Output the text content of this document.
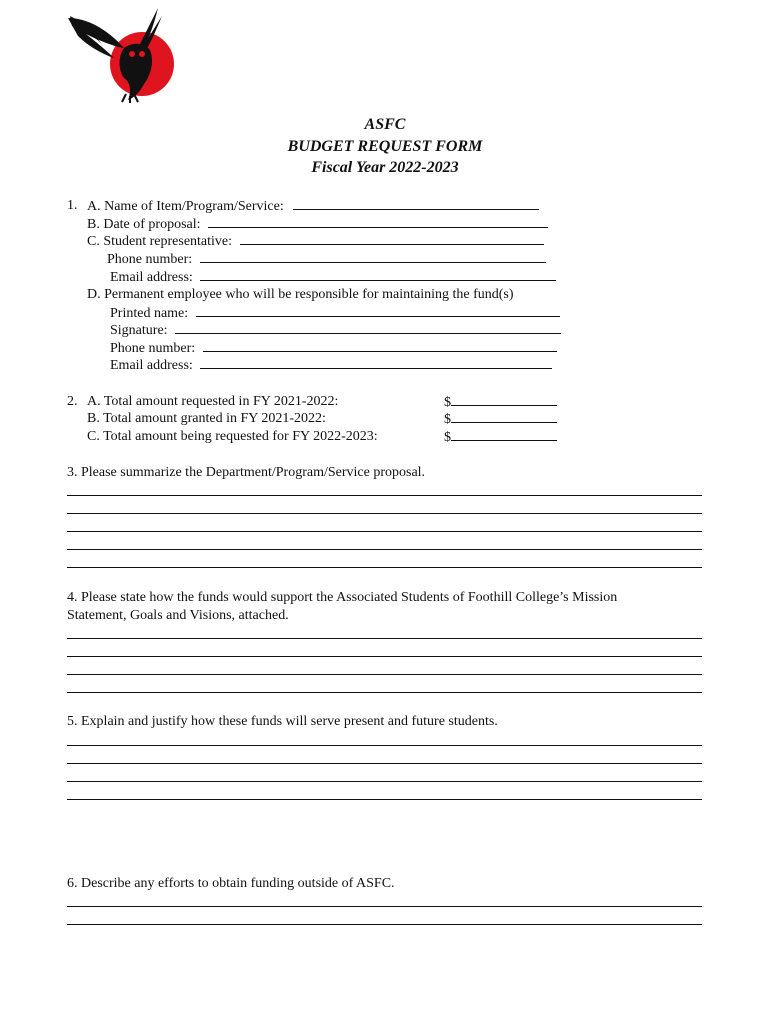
ASFC
BUDGET REQUEST FORM
Fiscal Year 2022-2023
1. A. Name of Item/Program/Service:
B. Date of proposal:
C. Student representative:
Phone number:
Email address:
D. Permanent employee who will be responsible for maintaining the fund(s)
Printed name:
Signature:
Phone number:
Email address:
2. A. Total amount requested in FY 2021-2022:	$
B. Total amount granted in FY 2021-2022:	$
C. Total amount being requested for FY 2022-2023:	$
3. Please summarize the Department/Program/Service proposal.
4. Please state how the funds would support the Associated Students of Foothill College’s Mission
Statement, Goals and Visions, attached.
5. Explain and justify how these funds will serve present and future students.
6. Describe any efforts to obtain funding outside of ASFC.
